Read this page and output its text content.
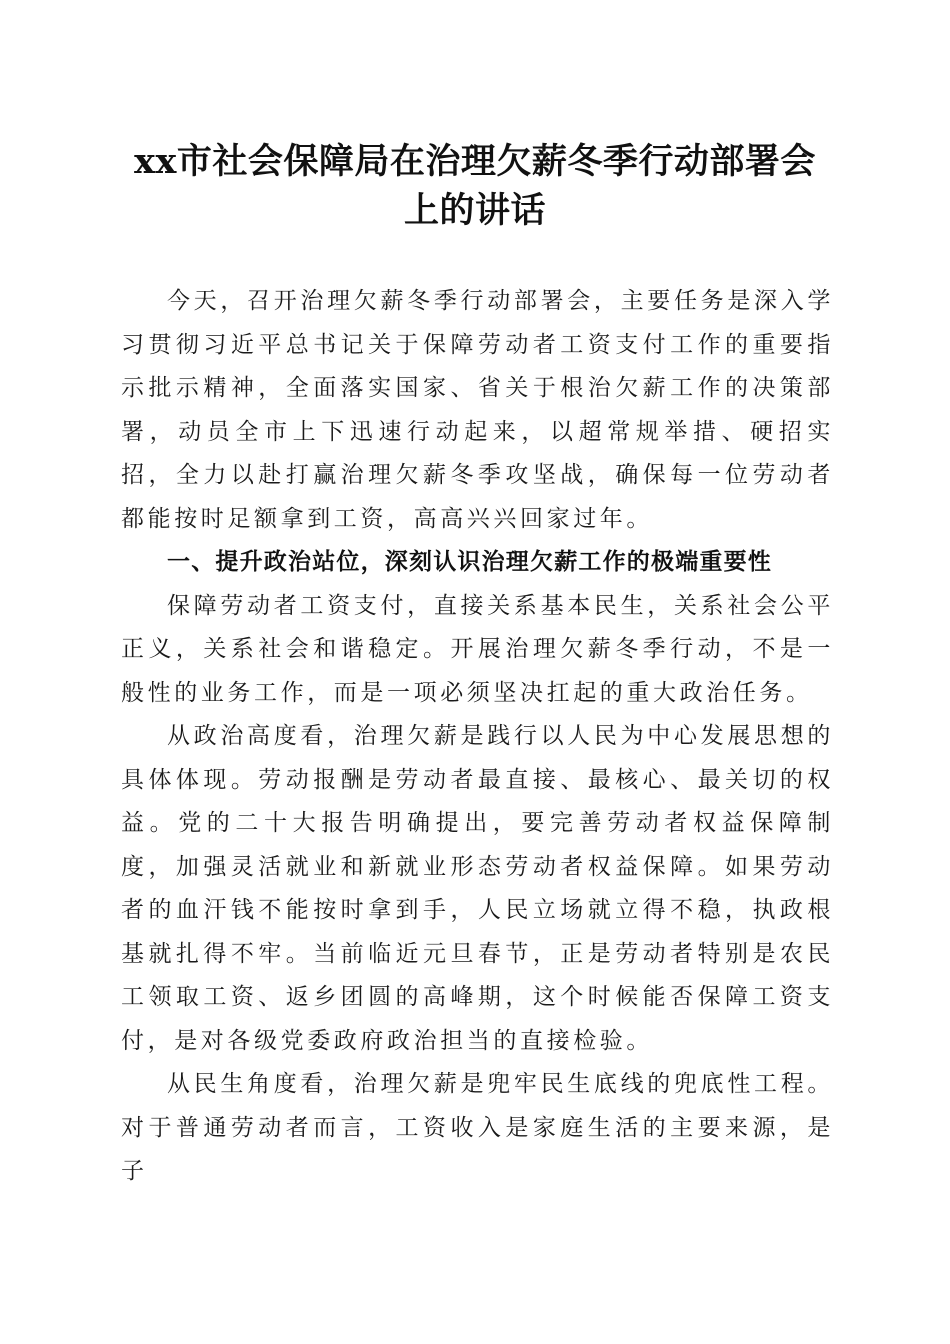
xx市社会保障局在治理欠薪冬季行动部署会上的讲话

今天，召开治理欠薪冬季行动部署会，主要任务是深入学习贯彻习近平总书记关于保障劳动者工资支付工作的重要指示批示精神，全面落实国家、省关于根治欠薪工作的决策部署，动员全市上下迅速行动起来，以超常规举措、硬招实招，全力以赴打赢治理欠薪冬季攻坚战，确保每一位劳动者都能按时足额拿到工资，高高兴兴回家过年。

一、提升政治站位，深刻认识治理欠薪工作的极端重要性

保障劳动者工资支付，直接关系基本民生，关系社会公平正义，关系社会和谐稳定。开展治理欠薪冬季行动，不是一般性的业务工作，而是一项必须坚决扛起的重大政治任务。

从政治高度看，治理欠薪是践行以人民为中心发展思想的具体体现。劳动报酬是劳动者最直接、最核心、最关切的权益。党的二十大报告明确提出，要完善劳动者权益保障制度，加强灵活就业和新就业形态劳动者权益保障。如果劳动者的血汗钱不能按时拿到手，人民立场就立得不稳，执政根基就扎得不牢。当前临近元旦春节，正是劳动者特别是农民工领取工资、返乡团圆的高峰期，这个时候能否保障工资支付，是对各级党委政府政治担当的直接检验。

从民生角度看，治理欠薪是兜牢民生底线的兜底性工程。对于普通劳动者而言，工资收入是家庭生活的主要来源，是子
